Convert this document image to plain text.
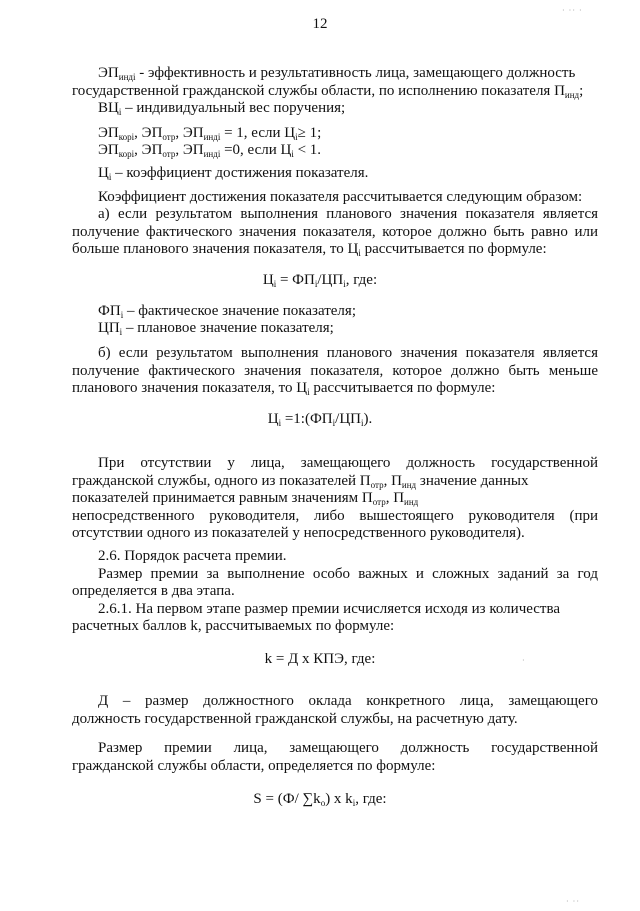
· ·· ·
12
$ЭП_{индi}$ - эффективность и результативность лица, замещающего должность
государственной гражданской службы области, по исполнению показателя $П_{инд}$;
$ВЦ_i$ – индивидуальный вес поручения;
$ЭП_{корi}$, $ЭП_{отр}$, $ЭП_{индi} = 1$, если $Ц_i\ge 1$;
$ЭП_{корi}$, $ЭП_{отр}$, $ЭП_{индi} =0$, если $Ц_i < 1$.
$Ц_i$ – коэффициент достижения показателя.
Коэффициент достижения показателя рассчитывается следующим образом:
а) если результатом выполнения планового значения показателя является
получение фактического значения показателя, которое должно быть равно или
больше планового значения показателя, то $Ц_i$ рассчитывается по формуле:
$Ц_i = ФП_i/ЦП_i$, где:
$ФП_i$ – фактическое значение показателя;
$ЦП_i$ – плановое значение показателя;
б) если результатом выполнения планового значения показателя является
получение фактического значения показателя, которое должно быть меньше
планового значения показателя, то $Ц_i$ рассчитывается по формуле:
$Ц_i$ $=1:(ФП_i/ЦП_i)$.
При отсутствии у лица, замещающего должность государственной
гражданской службы, одного из показателей $П_{отр}$, $П_{инд}$ значение данных
показателей принимается равным значениям $П_{отр}$, $П_{инд}$
непосредственного руководителя, либо вышестоящего руководителя (при
отсутствии одного из показателей у непосредственного руководителя).
2.6. Порядок расчета премии.
Размер премии за выполнение особо важных и сложных заданий за год
определяется в два этапа.
2.6.1. На первом этапе размер премии исчисляется исходя из количества
расчетных баллов k, рассчитываемых по формуле:
k = Д х КПЭ, где:	·
Д – размер должностного оклада конкретного лица, замещающего
должность государственной гражданской службы, на расчетную дату.
Размер премии лица, замещающего должность государственной
гражданской службы области, определяется по формуле:
S = (Ф/ $\sum k_о$) х $k_i$, где:
· ··
